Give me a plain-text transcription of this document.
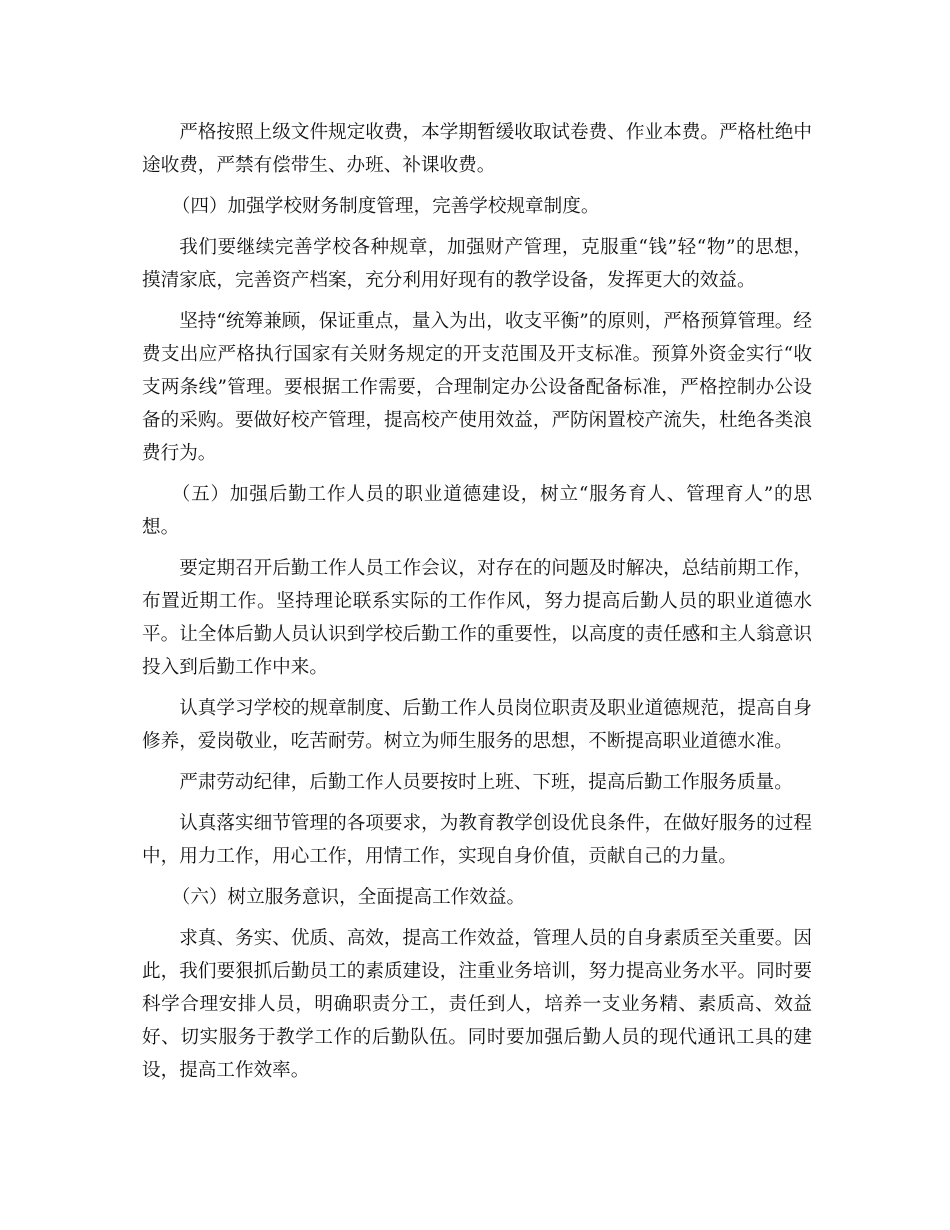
严格按照上级文件规定收费，本学期暂缓收取试卷费、作业本费。严格杜绝中途收费，严禁有偿带生、办班、补课收费。

（四）加强学校财务制度管理，完善学校规章制度。

我们要继续完善学校各种规章，加强财产管理，克服重“钱”轻“物”的思想，摸清家底，完善资产档案，充分利用好现有的教学设备，发挥更大的效益。

坚持“统筹兼顾，保证重点，量入为出，收支平衡”的原则，严格预算管理。经费支出应严格执行国家有关财务规定的开支范围及开支标准。预算外资金实行“收支两条线”管理。要根据工作需要，合理制定办公设备配备标准，严格控制办公设备的采购。要做好校产管理，提高校产使用效益，严防闲置校产流失，杜绝各类浪费行为。

（五）加强后勤工作人员的职业道德建设，树立“服务育人、管理育人”的思想。

要定期召开后勤工作人员工作会议，对存在的问题及时解决，总结前期工作，布置近期工作。坚持理论联系实际的工作作风，努力提高后勤人员的职业道德水平。让全体后勤人员认识到学校后勤工作的重要性，以高度的责任感和主人翁意识投入到后勤工作中来。

认真学习学校的规章制度、后勤工作人员岗位职责及职业道德规范，提高自身修养，爱岗敬业，吃苦耐劳。树立为师生服务的思想，不断提高职业道德水准。

严肃劳动纪律，后勤工作人员要按时上班、下班，提高后勤工作服务质量。

认真落实细节管理的各项要求，为教育教学创设优良条件，在做好服务的过程中，用力工作，用心工作，用情工作，实现自身价值，贡献自己的力量。

（六）树立服务意识，全面提高工作效益。

求真、务实、优质、高效，提高工作效益，管理人员的自身素质至关重要。因此，我们要狠抓后勤员工的素质建设，注重业务培训，努力提高业务水平。同时要科学合理安排人员，明确职责分工，责任到人，培养一支业务精、素质高、效益好、切实服务于教学工作的后勤队伍。同时要加强后勤人员的现代通讯工具的建设，提高工作效率。
